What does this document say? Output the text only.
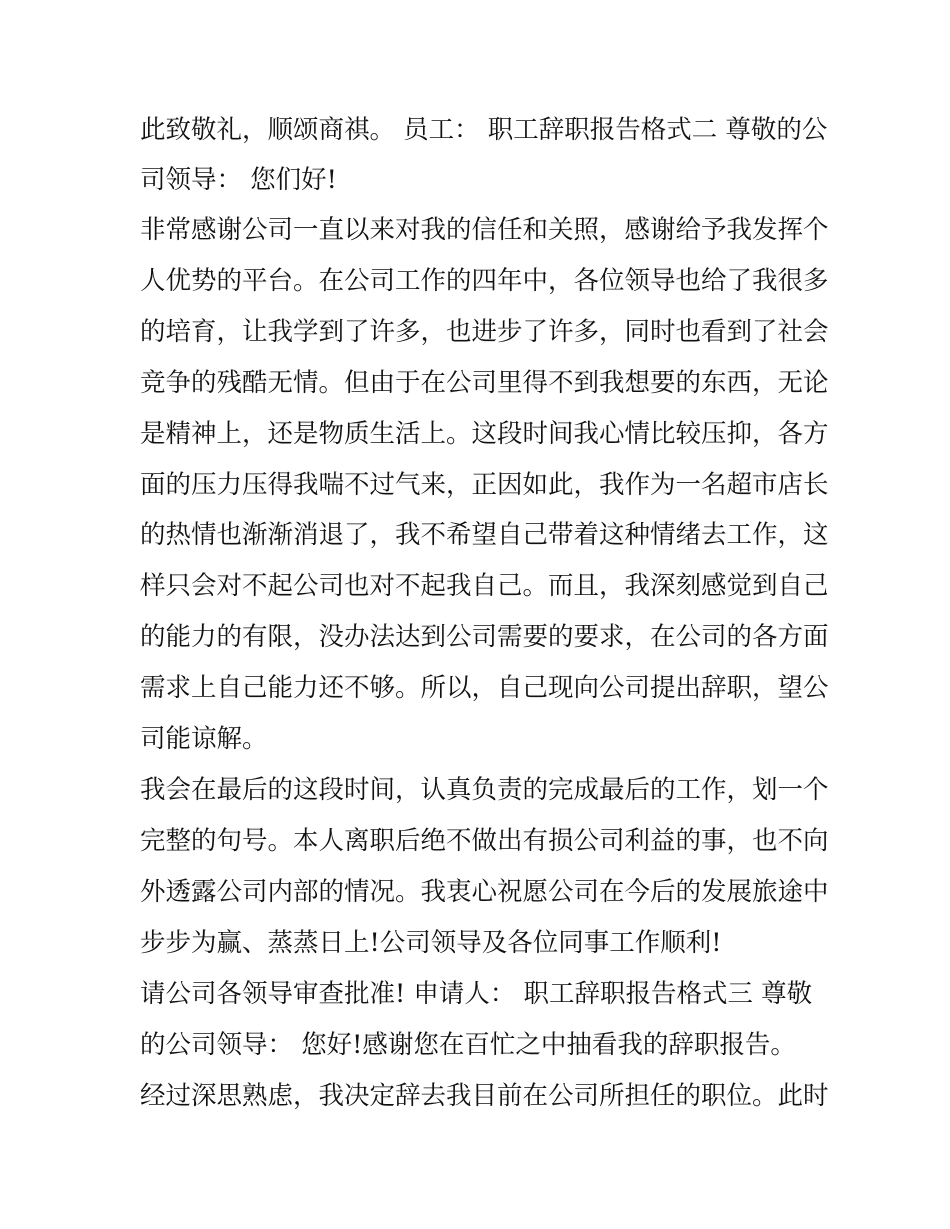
此致敬礼，顺颂商祺。 员工： 职工辞职报告格式二 尊敬的公
司领导： 您们好!
非常感谢公司一直以来对我的信任和关照，感谢给予我发挥个
人优势的平台。在公司工作的四年中，各位领导也给了我很多
的培育，让我学到了许多，也进步了许多，同时也看到了社会
竞争的残酷无情。但由于在公司里得不到我想要的东西，无论
是精神上，还是物质生活上。这段时间我心情比较压抑，各方
面的压力压得我喘不过气来，正因如此，我作为一名超市店长
的热情也渐渐消退了，我不希望自己带着这种情绪去工作，这
样只会对不起公司也对不起我自己。而且，我深刻感觉到自己
的能力的有限，没办法达到公司需要的要求，在公司的各方面
需求上自己能力还不够。所以，自己现向公司提出辞职，望公
司能谅解。
我会在最后的这段时间，认真负责的完成最后的工作，划一个
完整的句号。本人离职后绝不做出有损公司利益的事，也不向
外透露公司内部的情况。我衷心祝愿公司在今后的发展旅途中
步步为赢、蒸蒸日上!公司领导及各位同事工作顺利!
请公司各领导审查批准! 申请人： 职工辞职报告格式三 尊敬
的公司领导： 您好!感谢您在百忙之中抽看我的辞职报告。
经过深思熟虑，我决定辞去我目前在公司所担任的职位。此时
